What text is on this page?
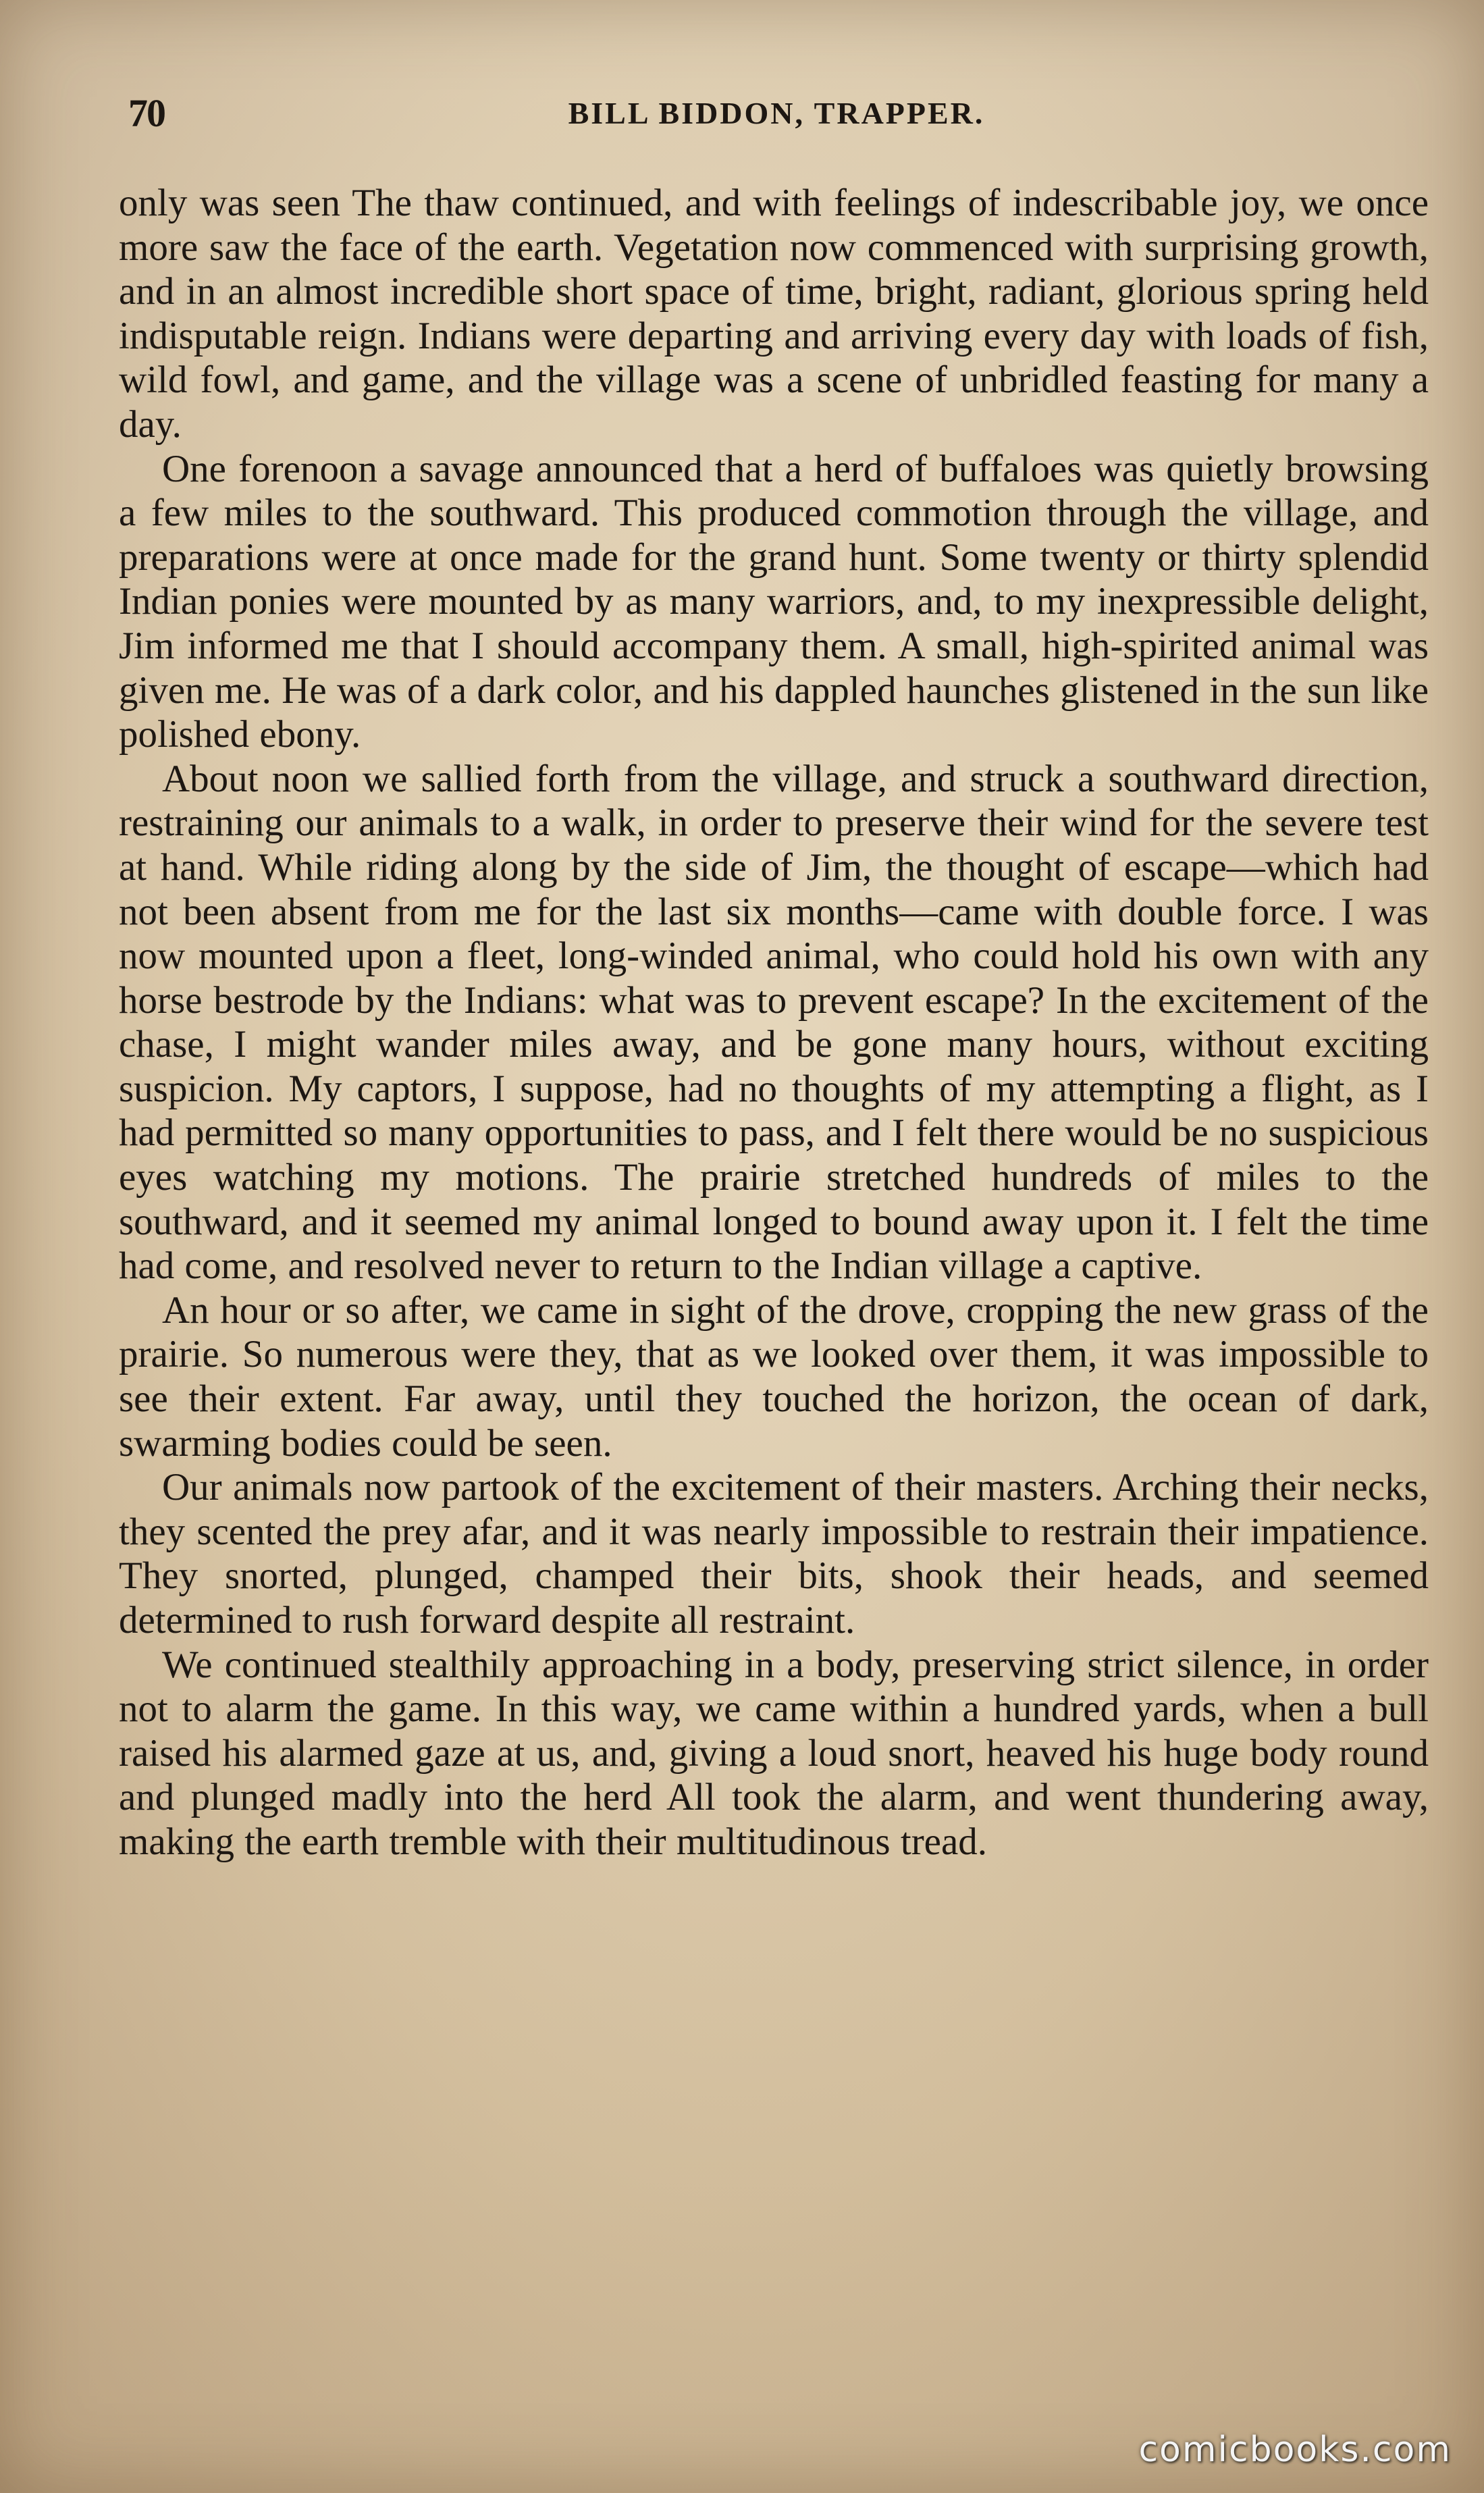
70	BILL BIDDON, TRAPPER.

only was seen The thaw continued, and with feelings of indescribable joy, we once more saw the face of the earth. Vegetation now commenced with surprising growth, and in an almost incredible short space of time, bright, radiant, glorious spring held indisputable reign. Indians were departing and arriving every day with loads of fish, wild fowl, and game, and the village was a scene of unbridled feasting for many a day.

One forenoon a savage announced that a herd of buffaloes was quietly browsing a few miles to the southward. This produced commotion through the village, and preparations were at once made for the grand hunt. Some twenty or thirty splendid Indian ponies were mounted by as many warriors, and, to my inexpressible delight, Jim informed me that I should accompany them. A small, high-spirited animal was given me. He was of a dark color, and his dappled haunches glistened in the sun like polished ebony.

About noon we sallied forth from the village, and struck a southward direction, restraining our animals to a walk, in order to preserve their wind for the severe test at hand. While riding along by the side of Jim, the thought of escape—which had not been absent from me for the last six months—came with double force. I was now mounted upon a fleet, long-winded animal, who could hold his own with any horse bestrode by the Indians: what was to prevent escape? In the excitement of the chase, I might wander miles away, and be gone many hours, without exciting suspicion. My captors, I suppose, had no thoughts of my attempting a flight, as I had permitted so many opportunities to pass, and I felt there would be no suspicious eyes watching my motions. The prairie stretched hundreds of miles to the southward, and it seemed my animal longed to bound away upon it. I felt the time had come, and resolved never to return to the Indian village a captive.

An hour or so after, we came in sight of the drove, cropping the new grass of the prairie. So numerous were they, that as we looked over them, it was impossible to see their extent. Far away, until they touched the horizon, the ocean of dark, swarming bodies could be seen.

Our animals now partook of the excitement of their masters. Arching their necks, they scented the prey afar, and it was nearly impossible to restrain their impatience. They snorted, plunged, champed their bits, shook their heads, and seemed determined to rush forward despite all restraint.

We continued stealthily approaching in a body, preserving strict silence, in order not to alarm the game. In this way, we came within a hundred yards, when a bull raised his alarmed gaze at us, and, giving a loud snort, heaved his huge body round and plunged madly into the herd All took the alarm, and went thundering away, making the earth tremble with their multitudinous tread.

comicbooks.com
